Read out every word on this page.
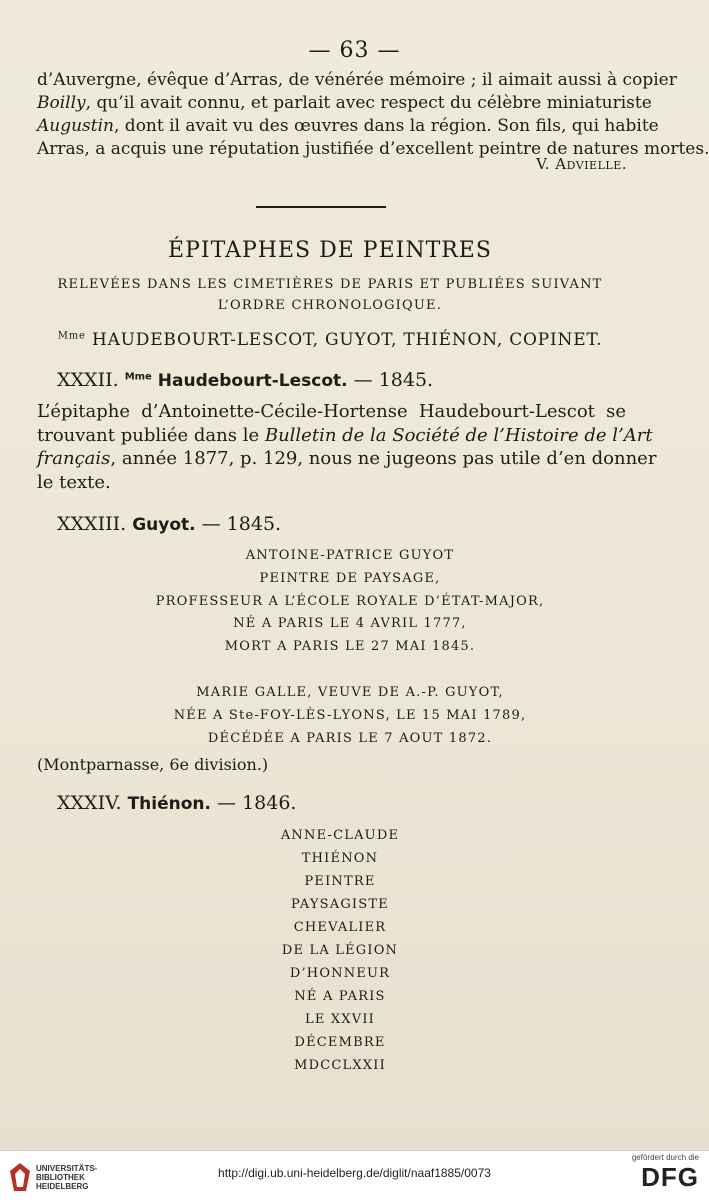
— 63 —
d’Auvergne, évêque d’Arras, de vénérée mémoire ; il aimait aussi à copier
Boilly, qu’il avait connu, et parlait avec respect du célèbre miniaturiste
Augustin, dont il avait vu des œuvres dans la région. Son fils, qui habite
Arras, a acquis une réputation justifiée d’excellent peintre de natures mortes.
V. Advielle.
ÉPITAPHES DE PEINTRES
RELEVÉES DANS LES CIMETIÈRES DE PARIS ET PUBLIÉES SUIVANT
L’ORDRE CHRONOLOGIQUE.
$^{Mme}$ HAUDEBOURT-LESCOT, GUYOT, THIÉNON, COPINET.
XXXII. $^{Mme}$ Haudebourt-Lescot. — 1845.
L’épitaphe d’Antoinette-Cécile-Hortense Haudebourt-Lescot se
trouvant publiée dans le Bulletin de la Société de l’Histoire de l’Art
français, année 1877, p. 129, nous ne jugeons pas utile d’en donner
le texte.
XXXIII. Guyot. — 1845.
ANTOINE-PATRICE GUYOT
PEINTRE DE PAYSAGE,
PROFESSEUR A L’ÉCOLE ROYALE D’ÉTAT-MAJOR,
NÉ A PARIS LE 4 AVRIL 1777,
MORT A PARIS LE 27 MAI 1845.
MARIE GALLE, VEUVE DE A.-P. GUYOT,
NÉE A Ste-FOY-LÈS-LYONS, LE 15 MAI 1789,
DÉCÉDÉE A PARIS LE 7 AOUT 1872.
(Montparnasse, 6e division.)
XXXIV. Thiénon. — 1846.
ANNE-CLAUDE
THIÉNON
PEINTRE
PAYSAGISTE
CHEVALIER
DE LA LÉGION
D’HONNEUR
NÉ A PARIS
LE XXVII
DÉCEMBRE
MDCCLXXII
UNIVERSITÄTS-
BIBLIOTHEK
HEIDELBERG
http://digi.ub.uni-heidelberg.de/diglit/naaf1885/0073
gefördert durch die
DFG
